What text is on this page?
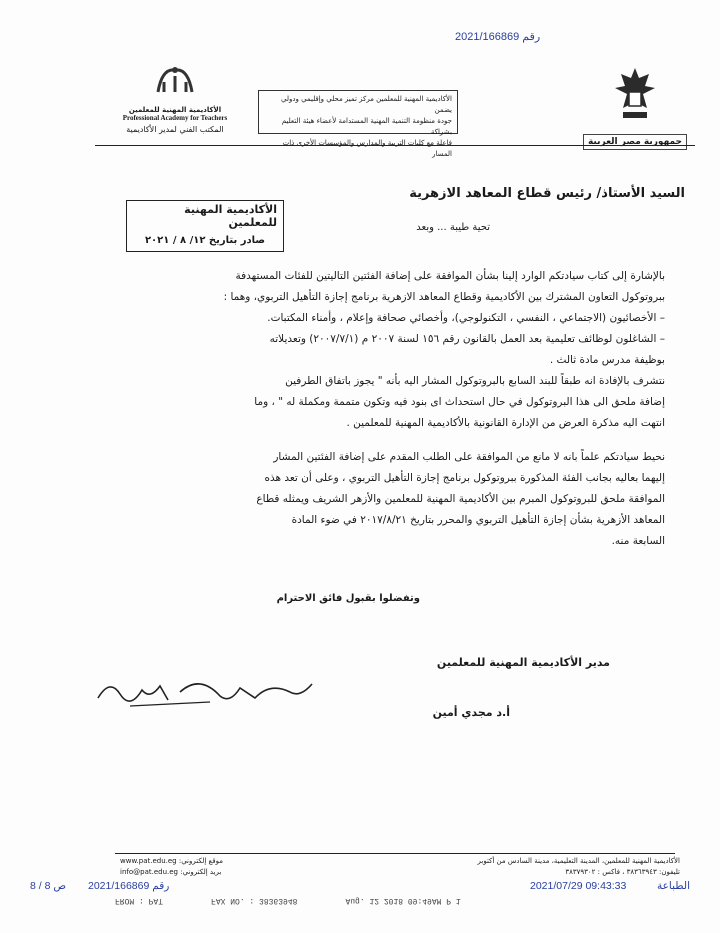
2021/166869 رقم
جمهورية مصر العربية
الأكاديمية المهنية للمعلمين مركز تميز محلي وإقليمي ودولي يضمن
جودة منظومة التنمية المهنية المستدامة لأعضاء هيئة التعليم بشراكة
فاعلة مع كليات التربية والمدارس والمؤسسات الأخرى ذات المسار
الأكاديمية المهنية للمعلمين
Professional Academy for Teachers
المكتب الفني لمدير الأكاديمية
السيد الأستاذ/ رئيس قطاع المعاهد الازهرية
تحية طيبة ... وبعد
الأكاديمية المهنية للمعلمين
صادر بتاريخ ١٢/ ٨ / ٢٠٢١
بالإشارة إلى كتاب سيادتكم الوارد إلينا بشأن الموافقة على إضافة الفئتين التاليتين للفئات المستهدفة
ببروتوكول التعاون المشترك بين الأكاديمية وقطاع المعاهد الازهرية برنامج إجازة التأهيل التربوي، وهما :
– الأخصائيون (الاجتماعي ، النفسي ، التكنولوجي)، وأخصائي صحافة وإعلام ، وأمناء المكتبات.
– الشاغلون لوظائف تعليمية بعد العمل بالقانون رقم ١٥٦ لسنة ٢٠٠٧ م (٢٠٠٧/٧/١) وتعديلاته
بوظيفة مدرس مادة ثالث .
نتشرف بالإفادة انه طبقاً للبند السابع بالبروتوكول المشار اليه بأنه " يجوز باتفاق الطرفين
إضافة ملحق الى هذا البروتوكول في حال استحداث اى بنود فيه وتكون متممة ومكملة له " ، وما
انتهت اليه مذكرة العرض من الإدارة القانونية بالأكاديمية المهنية للمعلمين .
نحيط سيادتكم علماً بانه لا مانع من الموافقة على الطلب المقدم على إضافة الفئتين المشار
إليهما بعاليه بجانب الفئة المذكورة ببروتوكول برنامج إجازة التأهيل التربوي ، وعلى أن تعد هذه
الموافقة ملحق للبروتوكول المبرم بين الأكاديمية المهنية للمعلمين والأزهر الشريف ويمثله قطاع
المعاهد الأزهرية بشأن إجازة التأهيل التربوي والمحرر بتاريخ ٢٠١٧/٨/٢١ في ضوء المادة
السابعة منه.
وتفضلوا بقبول فائق الاحترام
مدير الأكاديمية المهنية للمعلمين
أ.د مجدي أمين
الأكاديمية المهنية للمعلمين، المدينة التعليمية، مدينة السادس من أكتوبر
تليفون: ٣٨٣٦٣٩٤٣ ، فاكس : ٣٨٣٧٩٣٠٢
www.pat.edu.eg :موقع إلكتروني
info@pat.edu.eg :بريد إلكتروني
8 / 8 ص 2021/166869 رقم	2021/07/29 09:43:33	الطباعة
FROM : PAT          FAX NO. : 38363948          Aug. 12 2018 09:49AM P 1
